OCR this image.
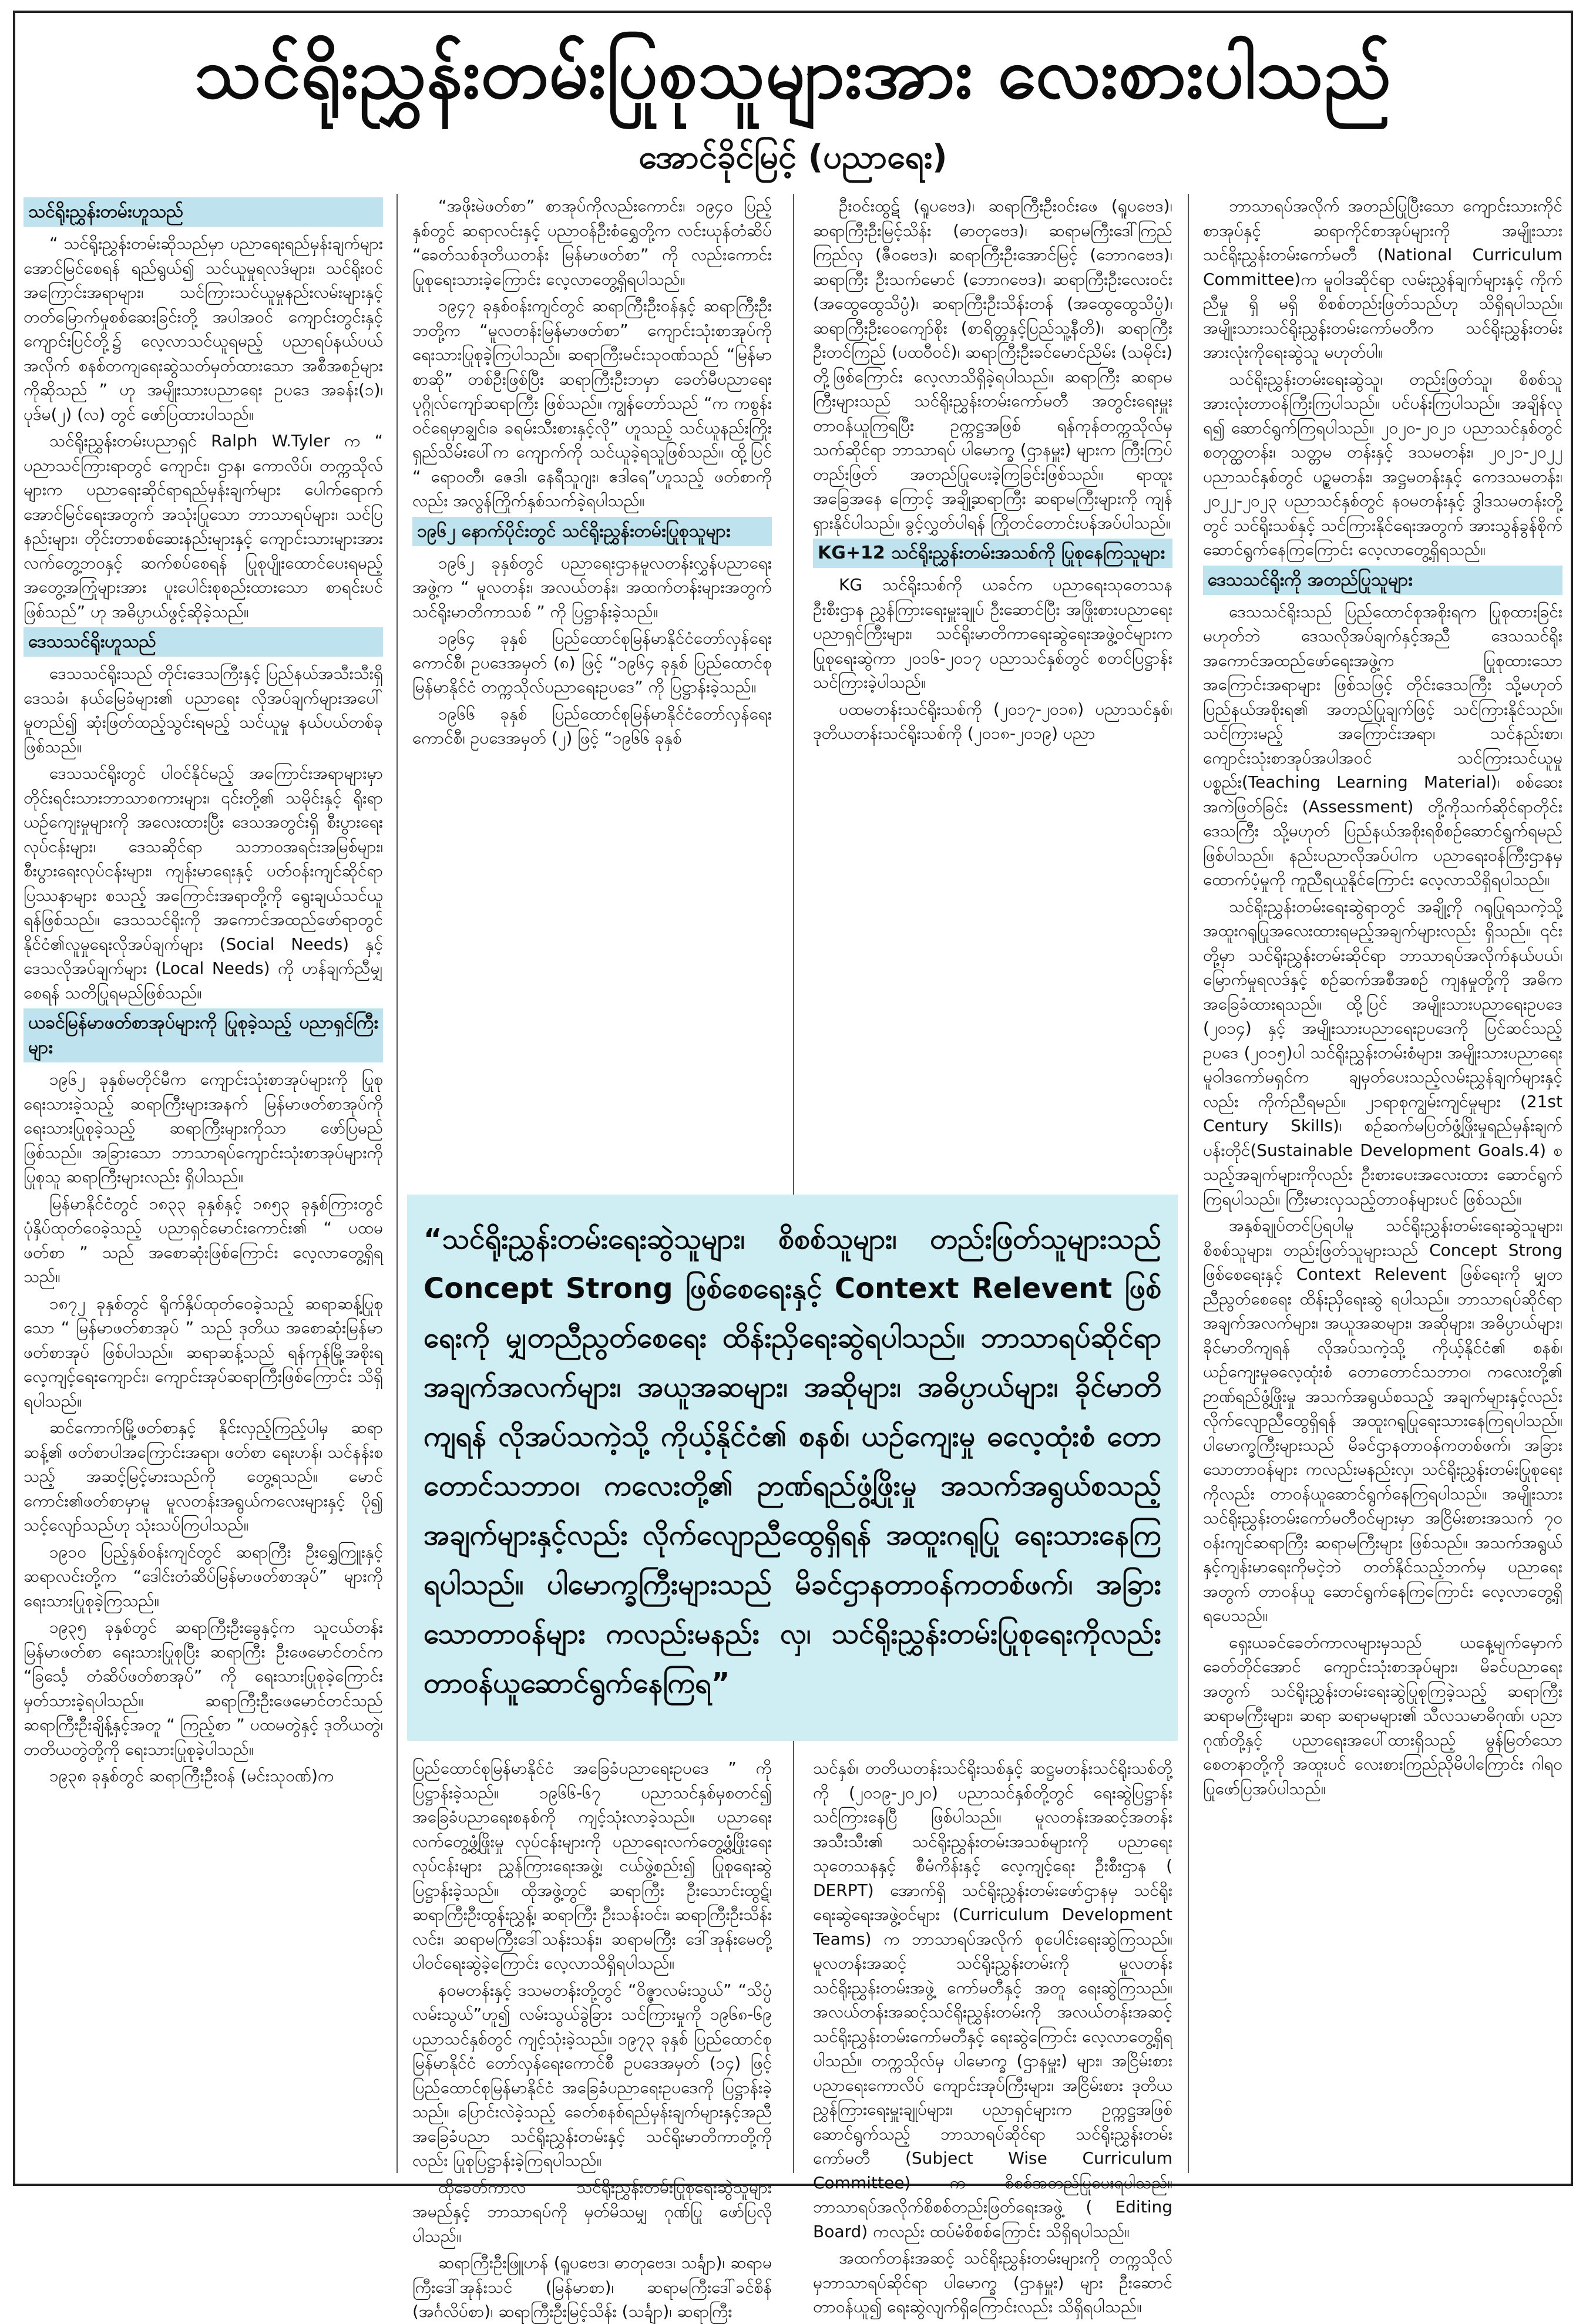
သင်ရိုးညွှန်းတမ်းပြုစုသူများအား လေးစားပါသည်
အောင်ခိုင်မြင့် (ပညာရေး)
သင်ရိုးညွှန်းတမ်းဟူသည်

“ သင်ရိုးညွှန်းတမ်းဆိုသည်မှာ ပညာရေးရည်မှန်းချက်များ အောင်မြင်စေရန် ရည်ရွယ်၍ သင်ယူမှုရလဒ်များ၊ သင်ရိုးဝင်အကြောင်းအရာများ၊ သင်ကြားသင်ယူမှုနည်းလမ်းများနှင့် တတ်မြောက်မှုစစ်ဆေးခြင်းတို့ အပါအဝင် ကျောင်းတွင်းနှင့် ကျောင်းပြင်တို့၌ လေ့လာသင်ယူရမည့် ပညာရပ်နယ်ပယ်အလိုက် စနစ်တကျရေးဆွဲသတ်မှတ်ထားသော အစီအစဉ်များကိုဆိုသည် ” ဟု အမျိုးသားပညာရေး ဥပဒေ အခန်း(၁)၊ ပုဒ်မ(၂) (လ) တွင် ဖော်ပြထားပါသည်။

သင်ရိုးညွှန်းတမ်းပညာရှင် Ralph W.Tyler က “ ပညာသင်ကြားရာတွင် ကျောင်း၊ ဌာန၊ ကောလိပ်၊ တက္ကသိုလ်များက ပညာရေးဆိုင်ရာရည်မှန်းချက်များ ပေါက်ရောက်အောင်မြင်ရေးအတွက် အသုံးပြုသော ဘာသာရပ်များ၊ သင်ပြနည်းများ၊ တိုင်းတာစစ်ဆေးနည်းများနှင့် ကျောင်းသားများအား လက်တွေ့ဘဝနှင့် ဆက်စပ်စေရန် ပြုစုပျိုးထောင်ပေးရမည့် အတွေ့အကြုံများအား ပူးပေါင်းစုစည်းထားသော စာရင်းပင် ဖြစ်သည်” ဟု အဓိပ္ပာယ်ဖွင့်ဆိုခဲ့သည်။

ဒေသသင်ရိုးဟူသည်

ဒေသသင်ရိုးသည် တိုင်းဒေသကြီးနှင့် ပြည်နယ်အသီးသီးရှိ ဒေသခံ၊ နယ်မြေခံများ၏ ပညာရေး လိုအပ်ချက်များအပေါ် မူတည်၍ ဆုံးဖြတ်ထည့်သွင်းရမည့် သင်ယူမှု နယ်ပယ်တစ်ခုဖြစ်သည်။

ဒေသသင်ရိုးတွင် ပါဝင်နိုင်မည့် အကြောင်းအရာများမှာ တိုင်းရင်းသားဘာသာစကားများ၊ ၎င်းတို့၏ သမိုင်းနှင့် ရိုးရာယဉ်ကျေးမှုများကို အလေးထားပြီး ဒေသအတွင်းရှိ စီးပွားရေးလုပ်ငန်းများ၊ ဒေသဆိုင်ရာ သဘာဝအရင်းအမြစ်များ၊ စီးပွားရေးလုပ်ငန်းများ၊ ကျန်းမာရေးနှင့် ပတ်ဝန်းကျင်ဆိုင်ရာ ပြဿနာများ စသည့် အကြောင်းအရာတို့ကို ရွေးချယ်သင်ယူရန်ဖြစ်သည်။ ဒေသသင်ရိုးကို အကောင်အထည်ဖော်ရာတွင် နိုင်ငံ၏လူမှုရေးလိုအပ်ချက်များ (Social Needs) နှင့် ဒေသလိုအပ်ချက်များ (Local Needs) ကို ဟန်ချက်ညီမျှစေရန် သတိပြုရမည်ဖြစ်သည်။

ယခင်မြန်မာဖတ်စာအုပ်များကို ပြုစုခဲ့သည့် ပညာရှင်ကြီးများ

၁၉၆၂ ခုနှစ်မတိုင်မီက ကျောင်းသုံးစာအုပ်များကို ပြုစုရေးသားခဲ့သည့် ဆရာကြီးများအနက် မြန်မာဖတ်စာအုပ်ကို ရေးသားပြုစုခဲ့သည့် ဆရာကြီးများကိုသာ ဖော်ပြမည်ဖြစ်သည်။ အခြားသော ဘာသာရပ်ကျောင်းသုံးစာအုပ်များကို ပြုစုသူ ဆရာကြီးများလည်း ရှိပါသည်။

မြန်မာနိုင်ငံတွင် ၁၈၃၃ ခုနှစ်နှင့် ၁၈၅၃ ခုနှစ်ကြားတွင် ပုံနှိပ်ထုတ်ဝေခဲ့သည့် ပညာရှင်မောင်းကောင်း၏ “ ပထမဖတ်စာ ” သည် အစောဆုံးဖြစ်ကြောင်း လေ့လာတွေ့ရှိရ သည်။

၁၈၇၂ ခုနှစ်တွင် ရိုက်နှိပ်ထုတ်ဝေခဲ့သည့် ဆရာဆန့်ပြုစုသော “ မြန်မာဖတ်စာအုပ် ” သည် ဒုတိယ အစောဆုံးမြန်မာဖတ်စာအုပ် ဖြစ်ပါသည်။ ဆရာဆန့်သည် ရန်ကုန်မြို့အစိုးရလေ့ကျင့်ရေးကျောင်း၊ ကျောင်းအုပ်ဆရာကြီးဖြစ်ကြောင်း သိရှိရပါသည်။

ဆင်ကောက်မြို့ဖတ်စာနှင့် နိုင်းလှည့်ကြည့်ပါမှ ဆရာဆန့်၏ ဖတ်စာပါအကြောင်းအရာ၊ ဖတ်စာ ရေးဟန်၊ သင်နန်းစသည့် အဆင့်မြင့်မားသည်ကို တွေ့ရသည်။ မောင်ကောင်း၏ဖတ်စာမှာမူ မူလတန်းအရွယ်ကလေးများနှင့် ပို၍ သင့်လျော်သည်ဟု သုံးသပ်ကြပါသည်။

၁၉၁၀ ပြည့်နှစ်ဝန်းကျင်တွင် ဆရာကြီး ဦးရွှေကြူးနှင့် ဆရာလင်းတို့က “ဒေါင်းတံဆိပ်မြန်မာဖတ်စာအုပ်” များကို ရေးသားပြုစုခဲ့ကြသည်။

၁၉၃၅ ခုနှစ်တွင် ဆရာကြီးဦးခွေနှင့်က သူငယ်တန်း မြန်မာဖတ်စာ ရေးသားပြုစုပြီး ဆရာကြီး ဦးဖေမောင်တင်က “ခြင်္သေ့ တံဆိပ်ဖတ်စာအုပ်” ကို ရေးသားပြုစုခဲ့ကြောင်း မှတ်သားခဲ့ရပါသည်။ ဆရာကြီးဦးဖေမောင်တင်သည် ဆရာကြီးဦးချိန့်နှင့်အတူ “ ကြည့်စာ ” ပထမတွဲနှင့် ဒုတိယတွဲ၊ တတိယတွဲတို့ကို ရေးသားပြုစုခဲ့ပါသည်။

၁၉၃၈ ခုနှစ်တွင် ဆရာကြီးဦးဝန် (မင်းသုဝဏ်)က

“အဖိုးမဲဖတ်စာ” စာအုပ်ကိုလည်းကောင်း၊ ၁၉၄၀ ပြည့်နှစ်တွင် ဆရာလင်းနှင့် ပညာဝန်ဦးစံရွှေတို့က လင်းယုန်တံဆိပ် “ခေတ်သစ်ဒုတိယတန်း မြန်မာဖတ်စာ” ကို လည်းကောင်း ပြုစုရေးသားခဲ့ကြောင်း လေ့လာတွေ့ရှိရပါသည်။

၁၉၄၇ ခုနှစ်ဝန်းကျင်တွင် ဆရာကြီးဦးဝန်နှင့် ဆရာကြီးဦးဘတို့က “မူလတန်းမြန်မာဖတ်စာ” ကျောင်းသုံးစာအုပ်ကို ရေးသားပြုစုခဲ့ကြပါသည်။ ဆရာကြီးမင်းသုဝဏ်သည် “မြန်မာစာဆို” တစ်ဦးဖြစ်ပြီး ဆရာကြီးဦးဘမှာ ခေတ်မီပညာရေးပုဂ္ဂိုလ်ကျော်ဆရာကြီး ဖြစ်သည်။ ကျွန်တော်သည် “က ကစွန်းဝင်ရေမှာချွင်၊ခ ခရမ်းသီးစားနှင့်လို” ဟူသည့် သင်ယူနည်းကြိုးရှည်သိမ်းပေါ်က ကျောက်ကို သင်ယူခဲ့ရသူဖြစ်သည်။ ထို့ပြင် “ ရော၀တီ၊ ဇေဒါ၊ နေရီသူဂျး၊ ဧဒါရေ”ဟူသည့် ဖတ်စာကိုလည်း အလွန်ကြိုက်နှစ်သက်ခဲ့ရပါသည်။

၁၉၆၂ နောက်ပိုင်းတွင် သင်ရိုးညွှန်းတမ်းပြုစုသူများ

၁၉၆၂ ခုနှစ်တွင် ပညာရေးဌာနမူလတန်းလွှန်ပညာရေးအဖွဲ့က “ မူလတန်း၊ အလယ်တန်း၊ အထက်တန်းများအတွက် သင်ရိုးမာတိကာသစ် ” ကို ပြဋ္ဌာန်းခဲ့သည်။

၁၉၆၄ ခုနှစ် ပြည်ထောင်စုမြန်မာနိုင်ငံတော်လှန်ရေးကောင်စီ၊ ဥပဒေအမှတ် (၈) ဖြင့် “၁၉၆၄ ခုနှစ် ပြည်ထောင်စုမြန်မာနိုင်ငံ တက္ကသိုလ်ပညာရေးဥပဒေ” ကို ပြဋ္ဌာန်းခဲ့သည်။

၁၉၆၆ ခုနှစ် ပြည်ထောင်စုမြန်မာနိုင်ငံတော်လှန်ရေးကောင်စီ၊ ဥပဒေအမှတ် (၂) ဖြင့် “၁၉၆၆ ခုနှစ်

ဦးဝင်းထွဋ် (ရူပဗေဒ)၊ ဆရာကြီးဦးဝင်းဖေ (ရူပဗေဒ)၊ ဆရာကြီးဦးမြင့်သိန်း (ဓာတုဗေဒ)၊ ဆရာမကြီးဒေါ်ကြည်ကြည်လှ (ဇီဝဗေဒ)၊ ဆရာကြီးဦးအောင်မြင့် (ဘောဂဗေဒ)၊ ဆရာကြီး ဦးသက်မောင် (ဘောဂဗေဒ)၊ ဆရာကြီးဦးလေးဝင်း (အထွေထွေသိပ္ပံ)၊ ဆရာကြီးဦးသိန်းတန် (အထွေထွေသိပ္ပံ)၊ ဆရာကြီးဦးဝေကျော်စိုး (စာရိတ္တနှင့်ပြည်သူ့နီတိ)၊ ဆရာကြီးဦးတင်ကြည် (ပထဝီဝင်)၊ ဆရာကြီးဦးခင်မောင်ညိမ်း (သမိုင်း) တို့ဖြစ်ကြောင်း လေ့လာသိရှိခဲ့ရပါသည်။ ဆရာကြီး ဆရာမကြီးများသည် သင်ရိုးညွှန်းတမ်းကော်မတီ အတွင်းရေးမှူး တာဝန်ယူကြရပြီး ဥက္ကဋ္ဌအဖြစ် ရန်ကုန်တက္ကသိုလ်မှသက်ဆိုင်ရာ ဘာသာရပ် ပါမောက္ခ (ဌာနမှူး) များက ကြီးကြပ်တည်းဖြတ် အတည်ပြုပေးခဲ့ကြခြင်းဖြစ်သည်။ ရာထူးအခြေအနေ ကြောင့် အချို့ဆရာကြီး ဆရာမကြီးများကို ကျန်ရှားနိုင်ပါသည်။ ခွင့်လွှတ်ပါရန် ကြိုတင်တောင်းပန်အပ်ပါသည်။

KG+12 သင်ရိုးညွှန်းတမ်းအသစ်ကို ပြုစုနေကြသူများ

KG သင်ရိုးသစ်ကို ယခင်က ပညာရေးသုတေသနဦးစီးဌာန ညွှန်ကြားရေးမှူးချုပ် ဦးဆောင်ပြီး အဖြိုးစားပညာရေး ပညာရှင်ကြီးများ၊ သင်ရိုးမာတိကာရေးဆွဲရေးအဖွဲ့ဝင်များက ပြုစုရေးဆွဲကာ ၂၀၁၆-၂၀၁၇ ပညာသင်နှစ်တွင် စတင်ပြဋ္ဌာန်းသင်ကြားခဲ့ပါသည်။

ပထမတန်းသင်ရိုးသစ်ကို (၂၀၁၇-၂၀၁၈) ပညာသင်နှစ်၊ ဒုတိယတန်းသင်ရိုးသစ်ကို (၂၀၁၈-၂၀၁၉) ပညာ

ဘာသာရပ်အလိုက် အတည်ပြုပြီးသော ကျောင်းသားကိုင်စာအုပ်နှင့် ဆရာကိုင်စာအုပ်များကို အမျိုးသားသင်ရိုးညွှန်းတမ်းကော်မတီ (National Curriculum Committee)က မူဝါဒဆိုင်ရာ လမ်းညွှန်ချက်များနှင့် ကိုက်ညီမှု ရှိ မရှိ စိစစ်တည်းဖြတ်သည်ဟု သိရှိရပါသည်။ အမျိုးသားသင်ရိုးညွှန်းတမ်းကော်မတီက သင်ရိုးညွှန်းတမ်းအားလုံးကိုရေးဆွဲသူ မဟုတ်ပါ။

သင်ရိုးညွှန်းတမ်းရေးဆွဲသူ၊ တည်းဖြတ်သူ၊ စိစစ်သူအားလုံးတာဝန်ကြီးကြပါသည်။ ပင်ပန်းကြပါသည်။ အချိန်လုရ၍ ဆောင်ရွက်ကြရပါသည်။ ၂၀၂၀-၂၀၂၁ ပညာသင်နှစ်တွင် စတုတ္ထတန်း၊ သတ္တမ တန်းနှင့် ဒသမတန်း၊ ၂၀၂၁-၂၀၂၂ ပညာသင်နှစ်တွင် ပဉ္စမတန်း၊ အဋ္ဌမတန်းနှင့် ကေဒသမတန်း၊ ၂၀၂၂-၂၀၂၃ ပညာသင်နှစ်တွင် နဝမတန်းနှင့် ဒွါဒသမတန်းတို့တွင် သင်ရိုးသစ်နှင့် သင်ကြားနိုင်ရေးအတွက် အားသွန်ခွန်စိုက်ဆောင်ရွက်နေကြကြောင်း လေ့လာတွေ့ရှိရသည်။

ဒေသသင်ရိုးကို အတည်ပြုသူများ

ဒေသသင်ရိုးသည် ပြည်ထောင်စုအစိုးရက ပြုစုထားခြင်းမဟုတ်ဘဲ ဒေသလိုအပ်ချက်နှင့်အညီ ဒေသသင်ရိုး အကောင်အထည်ဖော်ရေးအဖွဲ့က ပြုစုထားသော အကြောင်းအရာများ ဖြစ်သဖြင့် တိုင်းဒေသကြီး သို့မဟုတ် ပြည်နယ်အစိုးရ၏ အတည်ပြုချက်ဖြင့် သင်ကြားနိုင်သည်။ သင်ကြားမည့် အကြောင်းအရာ၊ သင်နည်းစာ၊ ကျောင်းသုံးစာအုပ်အပါအဝင် သင်ကြားသင်ယူမှုပစ္စည်း(Teaching Learning Material)၊ စစ်ဆေးအကဲဖြတ်ခြင်း (Assessment) တို့ကိုသက်ဆိုင်ရာတိုင်းဒေသကြီး သို့မဟုတ် ပြည်နယ်အစိုးရစိစဉ်ဆောင်ရွက်ရမည်ဖြစ်ပါသည်။ နည်းပညာလိုအပ်ပါက ပညာရေးဝန်ကြီးဌာနမှ ထောက်ပံ့မှုကို ကူညီရယူနိုင်ကြောင်း လေ့လာသိရှိရပါသည်။

သင်ရိုးညွှန်းတမ်းရေးဆွဲရာတွင် အချို့ကို ဂရုပြုရသကဲ့သို့အထူးဂရုပြုအလေးထားရမည့်အချက်များလည်း ရှိသည်။ ၎င်းတို့မှာ သင်ရိုးညွှန်းတမ်းဆိုင်ရာ ဘာသာရပ်အလိုက်နယ်ပယ်၊ မြောက်မှုရလဒ်နှင့် စဉ်ဆက်အစီအစဉ် ကျနမှုတို့ကို အဓိကအခြေခံထားရသည်။ ထို့ပြင် အမျိုးသားပညာရေးဥပဒေ (၂၀၁၄) နှင့် အမျိုးသားပညာရေးဥပဒေကို ပြင်ဆင်သည့်ဥပဒေ (၂၀၁၅)ပါ သင်ရိုးညွှန်းတမ်းစံများ၊ အမျိုးသားပညာရေးမူဝါဒကော်မရှင်က ချမှတ်ပေးသည့်လမ်းညွှန်ချက်များနှင့်လည်း ကိုက်ညီရမည်။ ၂၁ရာစုကျွမ်းကျင်မှုများ (21st Century Skills)၊ စဉ်ဆက်မပြတ်ဖွံ့ဖြိုးမှုရည်မှန်းချက် ပန်းတိုင်(Sustainable Development Goals.4) စသည့်အချက်များကိုလည်း ဦးစားပေးအလေးထား ဆောင်ရွက်ကြရပါသည်။ ကြီးမားလှသည့်တာဝန်များပင် ဖြစ်သည်။

အနှစ်ချုပ်တင်ပြရပါမူ သင်ရိုးညွှန်းတမ်းရေးဆွဲသူများ၊ စိစစ်သူများ၊ တည်းဖြတ်သူများသည် Concept Strong ဖြစ်စေရေးနှင့် Context Relevent ဖြစ်ရေးကို မျှတညီညွတ်စေရေး ထိန်းညှိရေးဆွဲ ရပါသည်။ ဘာသာရပ်ဆိုင်ရာအချက်အလက်များ၊ အယူအဆများ၊ အဆိုများ၊ အဓိပ္ပာယ်များ၊ ခိုင်မာတိကျရန် လိုအပ်သကဲ့သို့ ကိုယ့်နိုင်ငံ၏ စနစ်၊ ယဉ်ကျေးမှုဓလေ့ထုံးစံ တောတောင်သဘာဝ၊ ကလေးတို့၏ ဉာဏ်ရည်ဖွံ့ဖြိုးမှု အသက်အရွယ်စသည့် အချက်များနှင့်လည်း လိုက်လျောညီထွေရှိရန် အထူးဂရုပြုရေးသားနေကြရပါသည်။ ပါမောက္ခကြီးများသည် မိခင်ဌာနတာဝန်ကတစ်ဖက်၊ အခြားသောတာဝန်များ ကလည်းမနည်းလှ၊ သင်ရိုးညွှန်းတမ်းပြုစုရေးကိုလည်း တာဝန်ယူဆောင်ရွက်နေကြရပါသည်။ အမျိုးသားသင်ရိုးညွှန်းတမ်းကော်မတီဝင်များမှာ အငြိမ်းစားအသက် ၇၀ ဝန်းကျင်ဆရာကြီး ဆရာမကြီးများ ဖြစ်သည်။ အသက်အရွယ်နှင့်ကျန်းမာရေးကိုမငဲ့ဘဲ တတ်နိုင်သည့်ဘက်မှ ပညာရေးအတွက် တာဝန်ယူ ဆောင်ရွက်နေကြကြောင်း လေ့လာတွေ့ရှိရပေသည်။

ရှေးယခင်ခေတ်ကာလများမှသည် ယနေ့မျက်မှောက်ခေတ်တိုင်အောင် ကျောင်းသုံးစာအုပ်များ၊ မိခင်ပညာရေးအတွက် သင်ရိုးညွှန်းတမ်းရေးဆွဲပြုစုကြခဲ့သည့် ဆရာကြီး ဆရာမကြီးများ၊ ဆရာ ဆရာမများ၏ သီလသမာဓိဂုဏ်၊ ပညာဂုဏ်တို့နှင့် ပညာရေးအပေါ်ထားရှိသည့် မွန်မြတ်သောစေတနာတို့ကို အထူးပင် လေးစားကြည်ညိုမိပါကြောင်း ဂါရဝပြုဖော်ပြအပ်ပါသည်။

ပြည်ထောင်စုမြန်မာနိုင်ငံ အခြေခံပညာရေးဥပဒေ ” ကို ပြဋ္ဌာန်းခဲ့သည်။ ၁၉၆၆-၆၇ ပညာသင်နှစ်မှစတင်၍ အခြေခံပညာရေးစနစ်ကို ကျင့်သုံးလာခဲ့သည်။ ပညာရေးလက်တွေ့ဖွံ့ဖြိုးမှု လုပ်ငန်းများကို ပညာရေးလက်တွေ့ဖွံ့ဖြိုးရေးလုပ်ငန်းများ ညွှန်ကြားရေးအဖွဲ့၊ ငယ်ဖွဲ့စည်း၍ ပြုစုရေးဆွဲပြဋ္ဌာန်းခဲ့သည်။ ထိုအဖွဲ့တွင် ဆရာကြီး ဦးသောင်းထွဋ်၊ ဆရာကြီးဦးထွန်းညွှန့်၊ ဆရာကြီး ဦးသန်းဝင်း၊ ဆရာကြီးဦးသိန်းလင်း၊ ဆရာမကြီးဒေါ်သန်းသန်း၊ ဆရာမကြီး ဒေါ်အုန်းမေတို့ ပါဝင်ရေးဆွဲခဲ့ကြောင်း လေ့လာသိရှိရပါသည်။

နဝမတန်းနှင့် ဒသမတန်းတို့တွင် “ဝိဇ္ဇာလမ်းသွယ်” “သိပ္ပံလမ်းသွယ်”ဟူ၍ လမ်းသွယ်ခွဲခြား သင်ကြားမှုကို ၁၉၆၈-၆၉ ပညာသင်နှစ်တွင် ကျင့်သုံးခဲ့သည်။ ၁၉၇၃ ခုနှစ် ပြည်ထောင်စုမြန်မာနိုင်ငံ တော်လှန်ရေးကောင်စီ ဥပဒေအမှတ် (၁၄) ဖြင့် ပြည်ထောင်စုမြန်မာနိုင်ငံ အခြေခံပညာရေးဥပဒေကို ပြဋ္ဌာန်းခဲ့သည်။ ပြောင်းလဲခဲ့သည့် ခေတ်စနစ်ရည်မှန်းချက်များနှင့်အညီ အခြေခံပညာ သင်ရိုးညွှန်းတမ်းနှင့် သင်ရိုးမာတိကာတို့ကိုလည်း ပြုစုပြဋ္ဌာန်းခဲ့ကြရပါသည်။

ထိုခေတ်ကာလ သင်ရိုးညွှန်းတမ်းပြုစုရေးဆွဲသူများ အမည်နှင့် ဘာသာရပ်ကို မှတ်မိသမျှ ဂုဏ်ပြု ဖော်ပြလိုပါသည်။

ဆရာကြီးဦးဖြူဟန် (ရူပဗေဒ၊ ဓာတုဗေဒ၊ သင်္ချာ)၊ ဆရာမကြီးဒေါ်အုန်းသင် (မြန်မာစာ)၊ ဆရာမကြီးဒေါ်ခင်စိန် (အင်္ဂလိပ်စာ)၊ ဆရာကြီးဦးမြင့်သိန်း (သင်္ချာ)၊ ဆရာကြီး

သင်နှစ်၊ တတိယတန်းသင်ရိုးသစ်နှင့် ဆဋ္ဌမတန်းသင်ရိုးသစ်တို့ကို (၂၀၁၉-၂၀၂၀) ပညာသင်နှစ်တို့တွင် ရေးဆွဲပြဋ္ဌာန်းသင်ကြားနေပြီ ဖြစ်ပါသည်။ မူလတန်းအဆင့်အတန်း အသီးသီး၏ သင်ရိုးညွှန်းတမ်းအသစ်များကို ပညာရေး သုတေသနနှင့် စီမံကိန်းနှင့် လေ့ကျင့်ရေး ဦးစီးဌာန ( DERPT) အောက်ရှိ သင်ရိုးညွှန်းတမ်းဖော်ဌာနမှ သင်ရိုးရေးဆွဲရေးအဖွဲ့ဝင်များ (Curriculum Development Teams) က ဘာသာရပ်အလိုက် စုပေါင်းရေးဆွဲကြသည်။ မူလတန်းအဆင့် သင်ရိုးညွှန်းတမ်းကို မူလတန်းသင်ရိုးညွှန်းတမ်းအဖွဲ့ ကော်မတီနှင့် အတူ ရေးဆွဲကြသည်။ အလယ်တန်းအဆင့်သင်ရိုးညွှန်းတမ်းကို အလယ်တန်းအဆင့် သင်ရိုးညွှန်းတမ်းကော်မတီနှင့် ရေးဆွဲကြောင်း လေ့လာတွေ့ရှိရပါသည်။ တက္ကသိုလ်မှ ပါမောက္ခ (ဌာနမှူး) များ၊ အငြိမ်းစား ပညာရေးကောလိပ် ကျောင်းအုပ်ကြီးများ၊ အငြိမ်းစား ဒုတိယညွှန်ကြားရေးမှူးချုပ်များ၊ ပညာရှင်များက ဥက္ကဋ္ဌအဖြစ် ဆောင်ရွက်သည့် ဘာသာရပ်ဆိုင်ရာ သင်ရိုးညွှန်းတမ်းကော်မတီ (Subject Wise Curriculum Committee) က စိစစ်အတည်ပြုပေးရပါသည်။ ဘာသာရပ်အလိုက်စိစစ်တည်းဖြတ်ရေးအဖွဲ့ ( Editing Board) ကလည်း ထပ်မံစိစစ်ကြောင်း သိရှိရပါသည်။

အထက်တန်းအဆင့် သင်ရိုးညွှန်းတမ်းများကို တက္ကသိုလ်မှဘာသာရပ်ဆိုင်ရာ ပါမောက္ခ (ဌာနမှူး) များ ဦးဆောင် တာဝန်ယူ၍ ရေးဆွဲလျက်ရှိကြောင်းလည်း သိရှိရပါသည်။

“သင်ရိုးညွှန်းတမ်းရေးဆွဲသူများ၊ စိစစ်သူများ၊ တည်းဖြတ်သူများသည် Concept Strong ဖြစ်စေရေးနှင့် Context Relevent ဖြစ်ရေးကို မျှတညီညွတ်စေရေး ထိန်းညှိရေးဆွဲရပါသည်။ ဘာသာရပ်ဆိုင်ရာ အချက်အလက်များ၊ အယူအဆများ၊ အဆိုများ၊ အဓိပ္ပာယ်များ၊ ခိုင်မာတိကျရန် လိုအပ်သကဲ့သို့ ကိုယ့်နိုင်ငံ၏ စနစ်၊ ယဉ်ကျေးမှု ဓလေ့ထုံးစံ တောတောင်သဘာဝ၊ ကလေးတို့၏ ဉာဏ်ရည်ဖွံ့ဖြိုးမှု အသက်အရွယ်စသည့် အချက်များနှင့်လည်း လိုက်လျောညီထွေရှိရန် အထူးဂရုပြု ရေးသားနေကြရပါသည်။ ပါမောက္ခကြီးများသည် မိခင်ဌာနတာဝန်ကတစ်ဖက်၊ အခြားသောတာဝန်များ ကလည်းမနည်း လှ၊ သင်ရိုးညွှန်းတမ်းပြုစုရေးကိုလည်း တာဝန်ယူဆောင်ရွက်နေကြရ”
